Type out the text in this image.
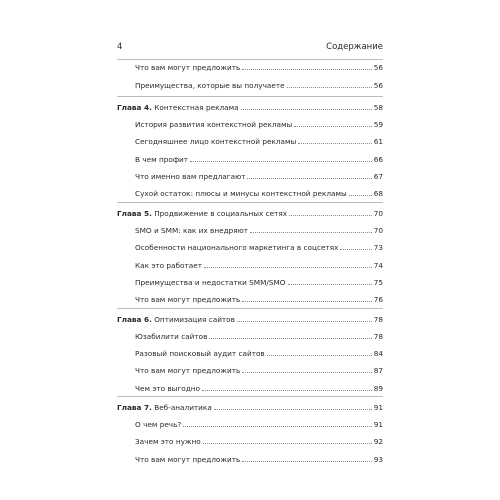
4	Содержание
Что вам могут предложить	56
Преимущества, которые вы получаете	56
Глава 4. Контекстная реклама	58
История развития контекстной рекламы	59
Сегодняшнее лицо контекстной рекламы	61
В чем профит	66
Что именно вам предлагают	67
Сухой остаток: плюсы и минусы контекстной рекламы	68
Глава 5. Продвижение в социальных сетях	70
SMO и SMM: как их внедряют	70
Особенности национального маркетинга в соцсетях	73
Как это работает	74
Преимущества и недостатки SMM/SMO	75
Что вам могут предложить	76
Глава 6. Оптимизация сайтов	78
Юзабилити сайтов	78
Разовый поисковый аудит сайтов	84
Что вам могут предложить	87
Чем это выгодно	89
Глава 7. Веб-аналитика	91
О чем речь?	91
Зачем это нужно	92
Что вам могут предложить	93
